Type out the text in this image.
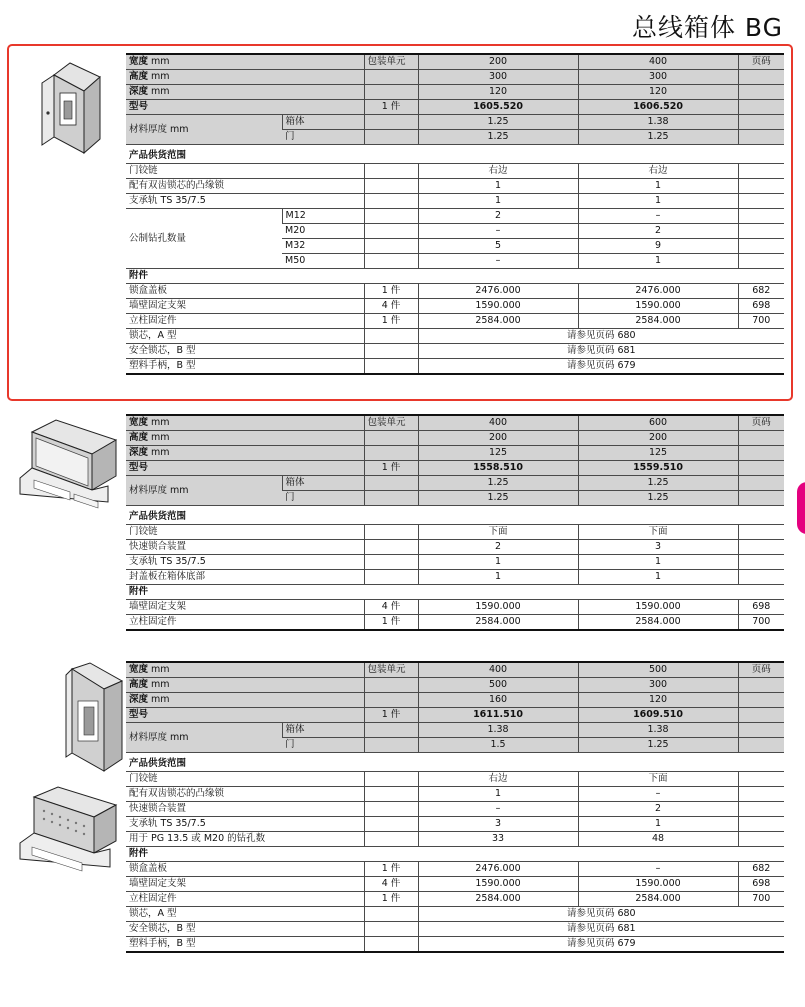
总线箱体 BG
宽度 mm		包装单元	200	400	页码
高度 mm			300	300	
深度 mm			120	120	
型号		1 件	1605.520	1606.520	
材料厚度 mm	箱体		1.25	1.38	
	门		1.25	1.25	

产品供货范围					
门铰链			右边	右边	
配有双齿锁芯的凸缘锁			1	1	
支承轨 TS 35/7.5			1	1	
公制钻孔数量	M12		2	–	
	M20		–	2	
	M32		5	9	
	M50		–	1	
附件					
锁盒盖板		1 件	2476.000	2476.000	682
墙壁固定支架		4 件	1590.000	1590.000	698
立柱固定件		1 件	2584.000	2584.000	700
锁芯，A 型			请参见页码 680		
安全锁芯，B 型			请参见页码 681		
塑料手柄，B 型			请参见页码 679		
宽度 mm		包装单元	400	600	页码
高度 mm			200	200	
深度 mm			125	125	
型号		1 件	1558.510	1559.510	
材料厚度 mm	箱体		1.25	1.25	
	门		1.25	1.25	

产品供货范围					
门铰链			下面	下面	
快速锁合装置			2	3	
支承轨 TS 35/7.5			1	1	
封盖板在箱体底部			1	1	
附件					
墙壁固定支架		4 件	1590.000	1590.000	698
立柱固定件		1 件	2584.000	2584.000	700
宽度 mm		包装单元	400	500	页码
高度 mm			500	300	
深度 mm			160	120	
型号		1 件	1611.510	1609.510	
材料厚度 mm	箱体		1.38	1.38	
	门		1.5	1.25	

产品供货范围					
门铰链			右边	下面	
配有双齿锁芯的凸缘锁			1	–	
快速锁合装置			–	2	
支承轨 TS 35/7.5			3	1	
用于 PG 13.5 或 M20 的钻孔数			33	48	
附件					
锁盒盖板		1 件	2476.000	–	682
墙壁固定支架		4 件	1590.000	1590.000	698
立柱固定件		1 件	2584.000	2584.000	700
锁芯，A 型			请参见页码 680		
安全锁芯，B 型			请参见页码 681		
塑料手柄，B 型			请参见页码 679		
